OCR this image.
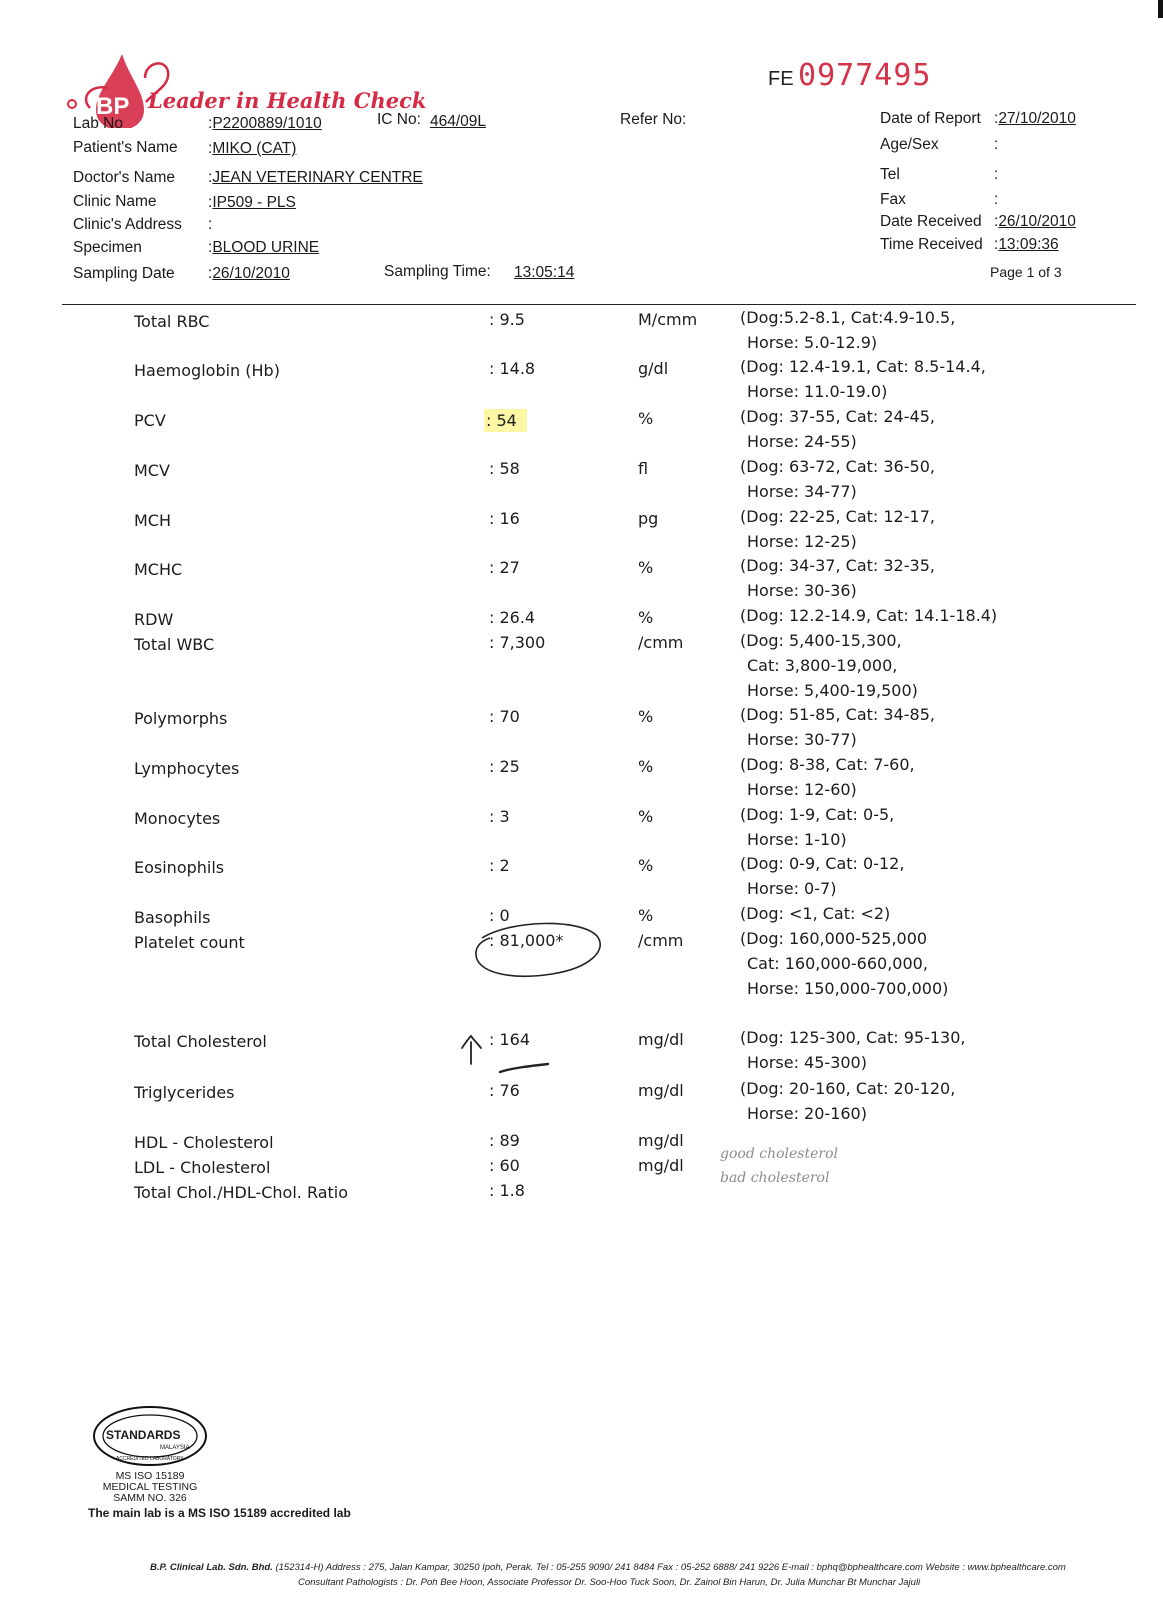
FE 0977495
BP Leader in Health Check
Lab No	:P2200889/1010	IC No: 464/09L	Refer No:
Patient's Name :MIKO (CAT)
Doctor's Name :JEAN VETERINARY CENTRE
Clinic Name	:IP509 - PLS
Clinic's Address :
Specimen	:BLOOD URINE
Sampling Date :26/10/2010	Sampling Time: 13:05:14
Date of Report :27/10/2010
Age/Sex	:
Tel	:
Fax	:
Date Received :26/10/2010
Time Received :13:09:36
Page 1 of 3
Total RBC	: 9.5	M/cmm	(Dog:5.2-8.1, Cat:4.9-10.5,
Horse: 5.0-12.9)
Haemoglobin (Hb)	: 14.8	g/dl	(Dog: 12.4-19.1, Cat: 8.5-14.4,
Horse: 11.0-19.0)
PCV	: 54	%	(Dog: 37-55, Cat: 24-45,
Horse: 24-55)
MCV	: 58	fl	(Dog: 63-72, Cat: 36-50,
Horse: 34-77)
MCH	: 16	pg	(Dog: 22-25, Cat: 12-17,
Horse: 12-25)
MCHC	: 27	%	(Dog: 34-37, Cat: 32-35,
Horse: 30-36)
RDW	: 26.4	%	(Dog: 12.2-14.9, Cat: 14.1-18.4)
Total WBC	: 7,300	/cmm	(Dog: 5,400-15,300,
Cat: 3,800-19,000,
Horse: 5,400-19,500)
Polymorphs	: 70	%	(Dog: 51-85, Cat: 34-85,
Horse: 30-77)
Lymphocytes	: 25	%	(Dog: 8-38, Cat: 7-60,
Horse: 12-60)
Monocytes	: 3	%	(Dog: 1-9, Cat: 0-5,
Horse: 1-10)
Eosinophils	: 2	%	(Dog: 0-9, Cat: 0-12,
Horse: 0-7)
Basophils	: 0	%	(Dog: <1, Cat: <2)
Platelet count	: 81,000*	/cmm	(Dog: 160,000-525,000
Cat: 160,000-660,000,
Horse: 150,000-700,000)
Total Cholesterol	: 164	mg/dl	(Dog: 125-300, Cat: 95-130,
Horse: 45-300)
Triglycerides	: 76	mg/dl	(Dog: 20-160, Cat: 20-120,
Horse: 20-160)
HDL - Cholesterol	: 89	mg/dl
LDL - Cholesterol	: 60	mg/dl
Total Chol./HDL-Chol. Ratio	: 1.8
good cholesterol
bad cholesterol
STANDARDS
MALAYSIA
ACCREDITED LABORATORY
MS ISO 15189
MEDICAL TESTING
SAMM NO. 326
The main lab is a MS ISO 15189 accredited lab
B.P. Clinical Lab. Sdn. Bhd. (152314-H) Address : 275, Jalan Kampar, 30250 Ipoh, Perak. Tel : 05-255 9090/ 241 8484 Fax : 05-252 6888/ 241 9226 E-mail : bphq@bphealthcare.com Website : www.bphealthcare.com
Consultant Pathologists : Dr. Poh Bee Hoon, Associate Professor Dr. Soo-Hoo Tuck Soon, Dr. Zainol Bin Harun, Dr. Julia Munchar Bt Munchar Jajuli
